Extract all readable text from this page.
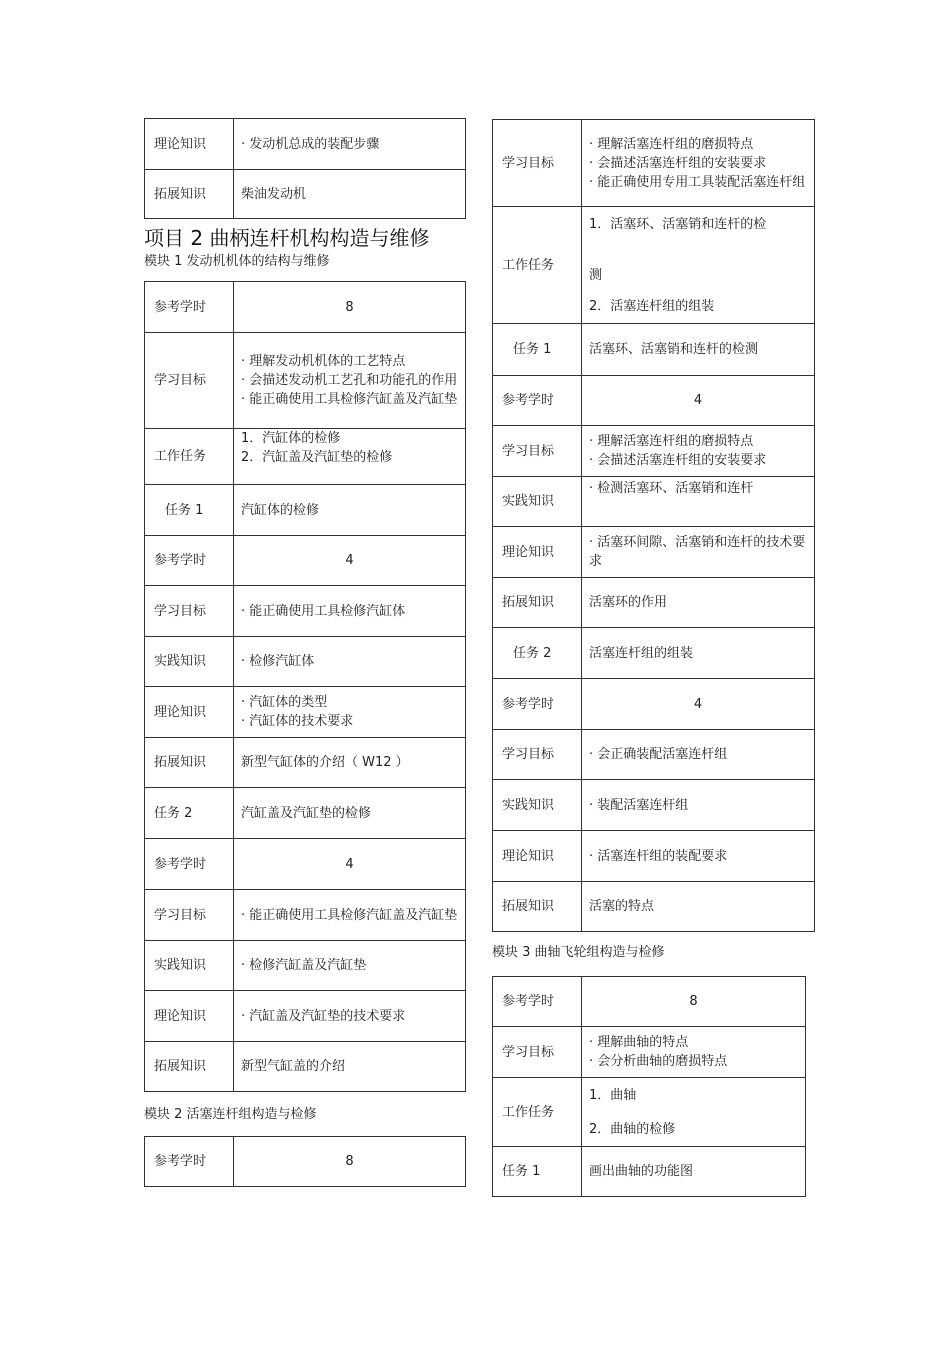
理论知识	· 发动机总成的装配步骤
拓展知识	柴油发动机
项目 2 曲柄连杆机构构造与维修
模块 1 发动机机体的结构与维修
参考学时	8
学习目标	· 理解发动机机体的工艺特点
· 会描述发动机工艺孔和功能孔的作用
· 能正确使用工具检修汽缸盖及汽缸垫

工作任务	1．汽缸体的检修
2．汽缸盖及汽缸垫的检修

任务 1	汽缸体的检修
参考学时	4
学习目标	· 能正确使用工具检修汽缸体
实践知识	· 检修汽缸体
理论知识	· 汽缸体的类型
· 汽缸体的技术要求

拓展知识	新型气缸体的介绍（ W12 ）
任务 2	汽缸盖及汽缸垫的检修
参考学时	4
学习目标	· 能正确使用工具检修汽缸盖及汽缸垫
实践知识	· 检修汽缸盖及汽缸垫
理论知识	· 汽缸盖及汽缸垫的技术要求
拓展知识	新型气缸盖的介绍
模块 2 活塞连杆组构造与检修
参考学时	8
学习目标	· 理解活塞连杆组的磨损特点
· 会描述活塞连杆组的安装要求
· 能正确使用专用工具装配活塞连杆组

工作任务	1．活塞环、活塞销和连杆的检
测
2．活塞连杆组的组装

任务 1	活塞环、活塞销和连杆的检测
参考学时	4
学习目标	· 理解活塞连杆组的磨损特点
· 会描述活塞连杆组的安装要求

实践知识	· 检测活塞环、活塞销和连杆
理论知识	· 活塞环间隙、活塞销和连杆的技术要求
拓展知识	活塞环的作用
任务 2	活塞连杆组的组装
参考学时	4
学习目标	· 会正确装配活塞连杆组
实践知识	· 装配活塞连杆组
理论知识	· 活塞连杆组的装配要求
拓展知识	活塞的特点
模块 3 曲轴飞轮组构造与检修
参考学时	8
学习目标	· 理解曲轴的特点
· 会分析曲轴的磨损特点

工作任务	1．曲轴
2．曲轴的检修

任务 1	画出曲轴的功能图
